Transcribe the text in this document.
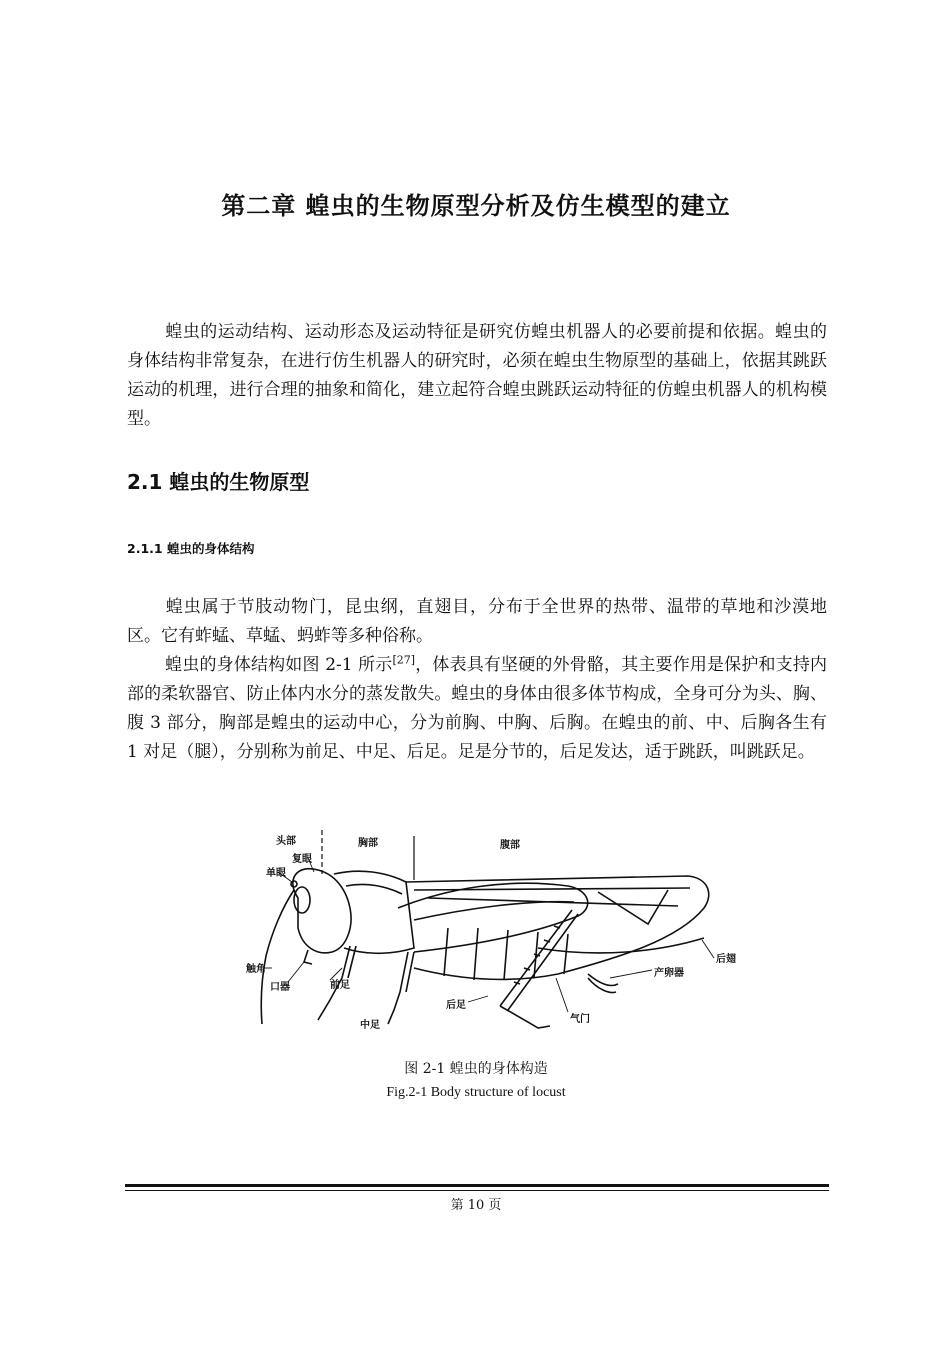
第二章 蝗虫的生物原型分析及仿生模型的建立

蝗虫的运动结构、运动形态及运动特征是研究仿蝗虫机器人的必要前提和依据。蝗虫的身体结构非常复杂，在进行仿生机器人的研究时，必须在蝗虫生物原型的基础上，依据其跳跃运动的机理，进行合理的抽象和简化，建立起符合蝗虫跳跃运动特征的仿蝗虫机器人的机构模型。

2.1 蝗虫的生物原型
2.1.1 蝗虫的身体结构

蝗虫属于节肢动物门，昆虫纲，直翅目，分布于全世界的热带、温带的草地和沙漠地区。它有蚱蜢、草蜢、蚂蚱等多种俗称。

蝗虫的身体结构如图 2-1 所示[27]，体表具有坚硬的外骨骼，其主要作用是保护和支持内部的柔软器官、防止体内水分的蒸发散失。蝗虫的身体由很多体节构成，全身可分为头、胸、腹 3 部分，胸部是蝗虫的运动中心，分为前胸、中胸、后胸。在蝗虫的前、中、后胸各生有 1 对足（腿），分别称为前足、中足、后足。足是分节的，后足发达，适于跳跃，叫跳跃足。

头部	胸部	腹部
复眼
单眼
触角
口器	前足
中足
后足
气门
产卵器
后翅
图 2-1 蝗虫的身体构造
Fig.2-1 Body structure of locust
第 10 页
